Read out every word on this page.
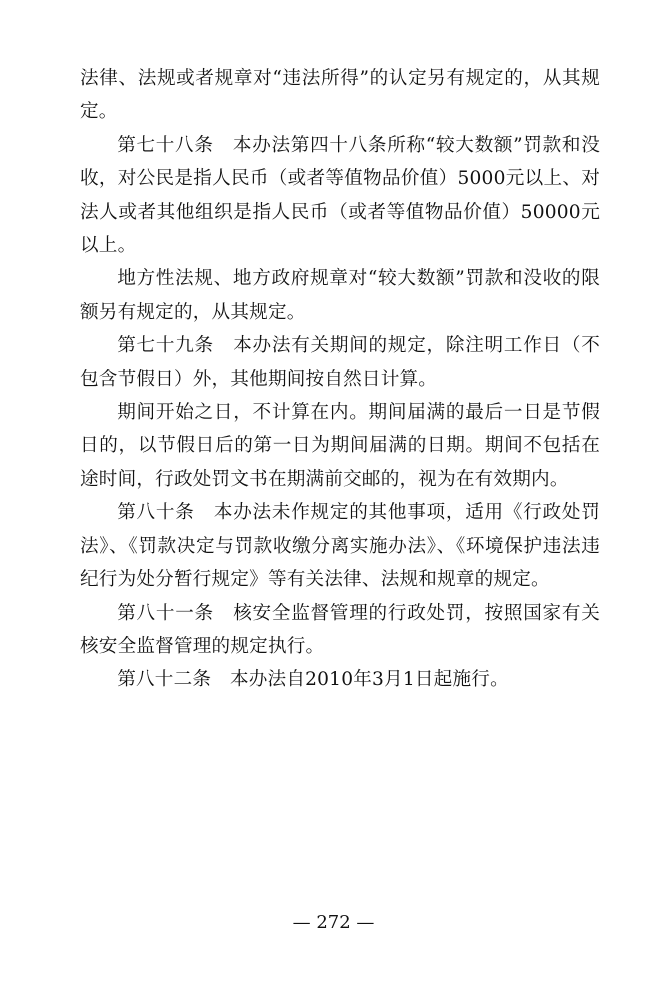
法律、法规或者规章对“违法所得”的认定另有规定的，从其规定。

第七十八条　本办法第四十八条所称“较大数额”罚款和没收，对公民是指人民币（或者等值物品价值）5000元以上、对法人或者其他组织是指人民币（或者等值物品价值）50000元以上。

地方性法规、地方政府规章对“较大数额”罚款和没收的限额另有规定的，从其规定。

第七十九条　本办法有关期间的规定，除注明工作日（不包含节假日）外，其他期间按自然日计算。

期间开始之日，不计算在内。期间届满的最后一日是节假日的，以节假日后的第一日为期间届满的日期。期间不包括在途时间，行政处罚文书在期满前交邮的，视为在有效期内。

第八十条　本办法未作规定的其他事项，适用《行政处罚法》、《罚款决定与罚款收缴分离实施办法》、《环境保护违法违纪行为处分暂行规定》等有关法律、法规和规章的规定。

第八十一条　核安全监督管理的行政处罚，按照国家有关核安全监督管理的规定执行。

第八十二条　本办法自2010年3月1日起施行。

— 272 —
